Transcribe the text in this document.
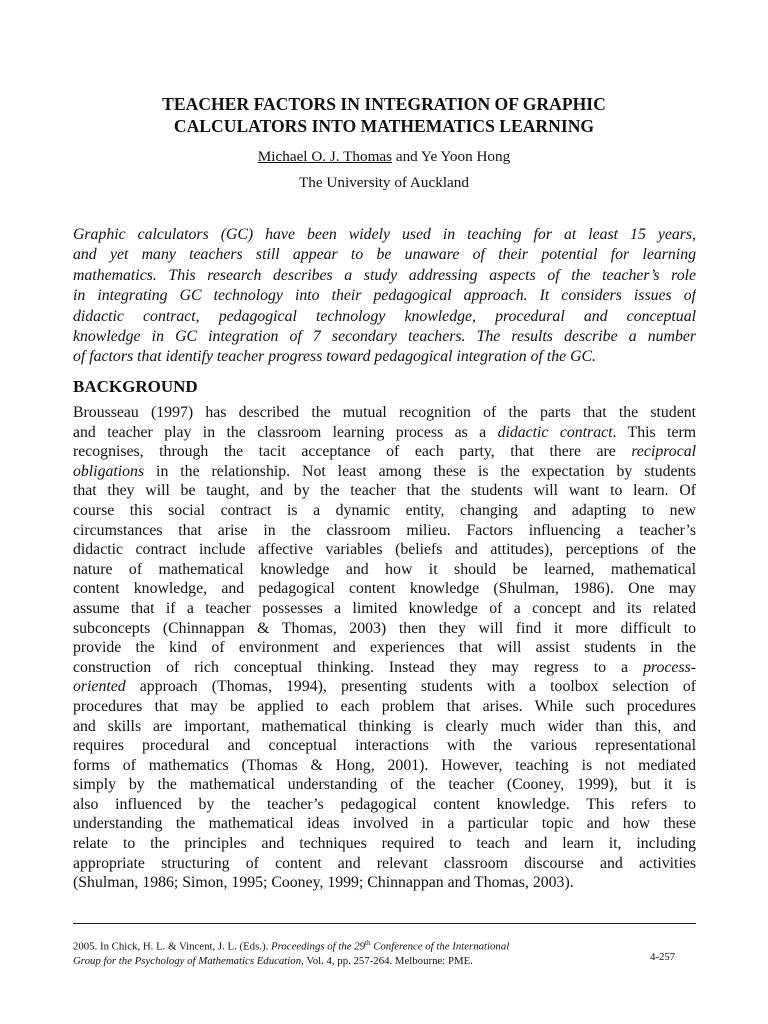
TEACHER FACTORS IN INTEGRATION OF GRAPHIC
CALCULATORS INTO MATHEMATICS LEARNING
Michael O. J. Thomas and Ye Yoon Hong
The University of Auckland
Graphic calculators (GC) have been widely used in teaching for at least 15 years,
and yet many teachers still appear to be unaware of their potential for learning
mathematics. This research describes a study addressing aspects of the teacher’s role
in integrating GC technology into their pedagogical approach. It considers issues of
didactic contract, pedagogical technology knowledge, procedural and conceptual
knowledge in GC integration of 7 secondary teachers. The results describe a number
of factors that identify teacher progress toward pedagogical integration of the GC.
BACKGROUND
Brousseau (1997) has described the mutual recognition of the parts that the student
and teacher play in the classroom learning process as a didactic contract. This term
recognises, through the tacit acceptance of each party, that there are reciprocal
obligations in the relationship. Not least among these is the expectation by students
that they will be taught, and by the teacher that the students will want to learn. Of
course this social contract is a dynamic entity, changing and adapting to new
circumstances that arise in the classroom milieu. Factors influencing a teacher’s
didactic contract include affective variables (beliefs and attitudes), perceptions of the
nature of mathematical knowledge and how it should be learned, mathematical
content knowledge, and pedagogical content knowledge (Shulman, 1986). One may
assume that if a teacher possesses a limited knowledge of a concept and its related
subconcepts (Chinnappan & Thomas, 2003) then they will find it more difficult to
provide the kind of environment and experiences that will assist students in the
construction of rich conceptual thinking. Instead they may regress to a process-
oriented approach (Thomas, 1994), presenting students with a toolbox selection of
procedures that may be applied to each problem that arises. While such procedures
and skills are important, mathematical thinking is clearly much wider than this, and
requires procedural and conceptual interactions with the various representational
forms of mathematics (Thomas & Hong, 2001). However, teaching is not mediated
simply by the mathematical understanding of the teacher (Cooney, 1999), but it is
also influenced by the teacher’s pedagogical content knowledge. This refers to
understanding the mathematical ideas involved in a particular topic and how these
relate to the principles and techniques required to teach and learn it, including
appropriate structuring of content and relevant classroom discourse and activities
(Shulman, 1986; Simon, 1995; Cooney, 1999; Chinnappan and Thomas, 2003).
2005. In Chick, H. L. & Vincent, J. L. (Eds.). Proceedings of the 29th Conference of the International
Group for the Psychology of Mathematics Education, Vol. 4, pp. 257-264. Melbourne: PME.	4-257
